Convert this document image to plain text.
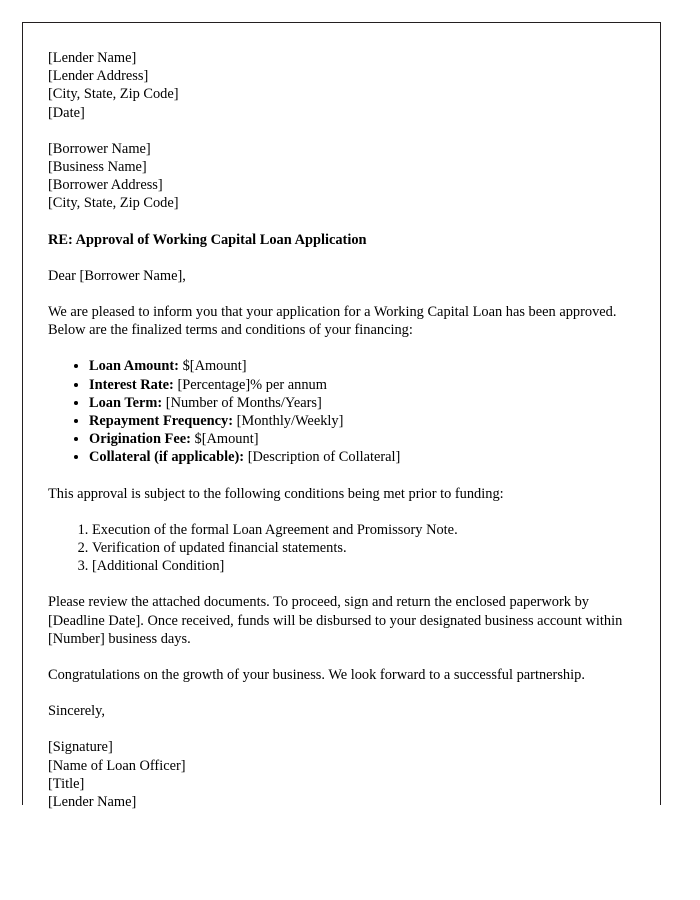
[Lender Name]
[Lender Address]
[City, State, Zip Code]
[Date]
[Borrower Name]
[Business Name]
[Borrower Address]
[City, State, Zip Code]
RE: Approval of Working Capital Loan Application
Dear [Borrower Name],
We are pleased to inform you that your application for a Working Capital Loan has been approved. Below are the finalized terms and conditions of your financing:
• Loan Amount: $[Amount]
• Interest Rate: [Percentage]% per annum
• Loan Term: [Number of Months/Years]
• Repayment Frequency: [Monthly/Weekly]
• Origination Fee: $[Amount]
• Collateral (if applicable): [Description of Collateral]
This approval is subject to the following conditions being met prior to funding:
1. Execution of the formal Loan Agreement and Promissory Note.
2. Verification of updated financial statements.
3. [Additional Condition]
Please review the attached documents. To proceed, sign and return the enclosed paperwork by [Deadline Date]. Once received, funds will be disbursed to your designated business account within [Number] business days.
Congratulations on the growth of your business. We look forward to a successful partnership.
Sincerely,
[Signature]
[Name of Loan Officer]
[Title]
[Lender Name]
